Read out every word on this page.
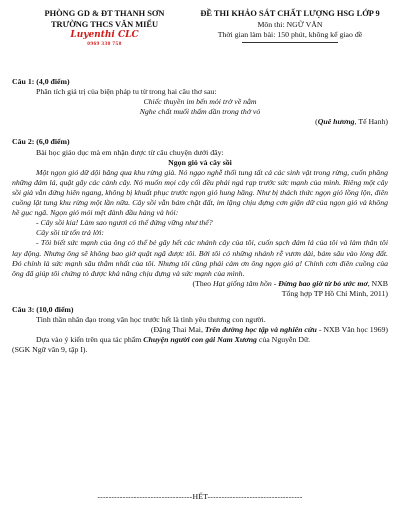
PHÒNG GD & ĐT THANH SƠN
TRƯỜNG THCS VĂN MIẾU
Luyenthi CLC
0969 330 758
ĐỀ THI KHẢO SÁT CHẤT LƯỢNG HSG LỚP 9
Môn thi: NGỮ VĂN
Thời gian làm bài: 150 phút, không kể giao đề

Câu 1: (4,0 điểm)

Phân tích giá trị của biện pháp tu từ trong hai câu thơ sau:

Chiếc thuyền im bến mỏi trở về nằm

Nghe chất muối thấm dần trong thớ vỏ

(Quê hương, Tế Hanh)

Câu 2: (6,0 điểm)

Bài học giáo dục mà em nhận được từ câu chuyện dưới đây:

Ngọn gió và cây sồi

Một ngọn gió dữ dội băng qua khu rừng già. Nó ngạo nghễ thổi tung tất cả các sinh vật trong rừng, cuốn phăng những đám lá, quật gãy các cành cây. Nó muốn mọi cây cối đều phải ngả rạp trước sức mạnh của mình. Riêng một cây sồi già vẫn đứng hiên ngang, không bị khuất phục trước ngọn gió hung hăng. Như bị thách thức ngọn gió lồng lộn, điên cuồng lật tung khu rừng một lần nữa. Cây sồi vẫn bám chặt đất, im lặng chịu đựng cơn giận dữ của ngọn gió và không hề gục ngã. Ngọn gió mỏi mệt đành đầu hàng và hỏi:

- Cây sồi kia! Làm sao ngươi có thể đứng vững như thế?

Cây sồi từ tốn trả lời:

- Tôi biết sức mạnh của ông có thể bẻ gãy hết các nhánh cây của tôi, cuốn sạch đám lá của tôi và làm thân tôi lay động. Nhưng ông sẽ không bao giờ quật ngã được tôi. Bởi tôi có những nhánh rễ vươn dài, bám sâu vào lòng đất. Đó chính là sức mạnh sâu thẳm nhất của tôi. Nhưng tôi cũng phải cảm ơn ông ngọn gió ạ! Chính cơn điên cuồng của ông đã giúp tôi chứng tỏ được khả năng chịu đựng và sức mạnh của mình.

(Theo Hạt giống tâm hồn - Đừng bao giờ từ bỏ ước mơ, NXB

Tổng hợp TP Hồ Chí Minh, 2011)

Câu 3: (10,0 điểm)

Tình thần nhân đạo trong văn học trước hết là tình yêu thương con người.

(Đặng Thai Mai, Trên đường học tập và nghiên cứu - NXB Văn học 1969)

Dựa vào ý kiến trên qua tác phẩm Chuyện người con gái Nam Xương của Nguyễn Dữ.

(SGK Ngữ văn 9, tập I).

----------------------------------HẾT----------------------------------
